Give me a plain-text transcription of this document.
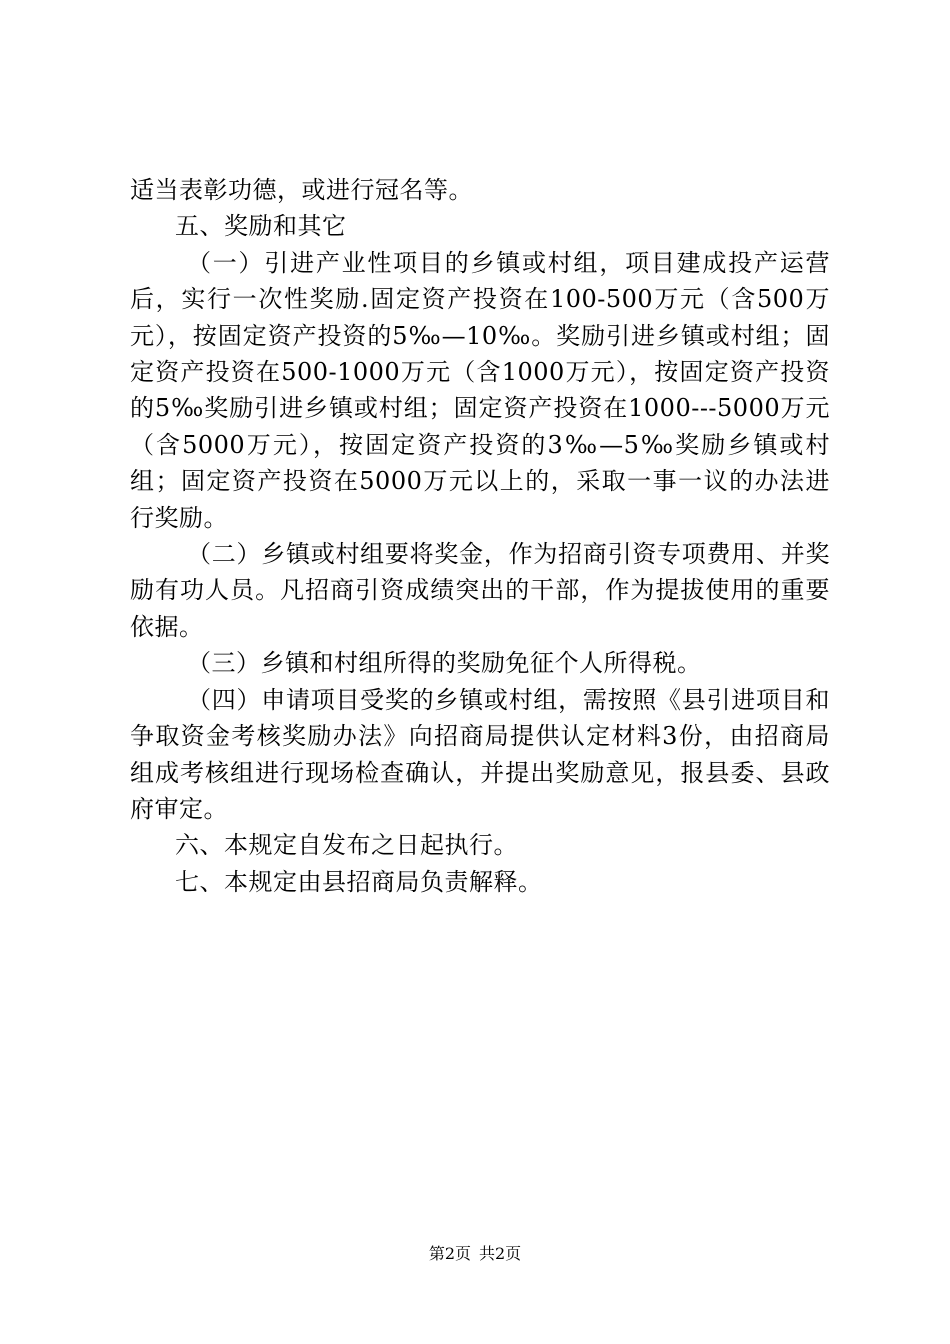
适当表彰功德，或进行冠名等。

五、奖励和其它

（一）引进产业性项目的乡镇或村组，项目建成投产运营后，实行一次性奖励.固定资产投资在100-500万元（含500万元），按固定资产投资的5‰—10‰。奖励引进乡镇或村组；固定资产投资在500-1000万元（含1000万元），按固定资产投资的5‰奖励引进乡镇或村组；固定资产投资在1000---5000万元（含5000万元），按固定资产投资的3‰—5‰奖励乡镇或村组；固定资产投资在5000万元以上的，采取一事一议的办法进行奖励。

（二）乡镇或村组要将奖金，作为招商引资专项费用、并奖励有功人员。凡招商引资成绩突出的干部，作为提拔使用的重要依据。

（三）乡镇和村组所得的奖励免征个人所得税。

（四）申请项目受奖的乡镇或村组，需按照《县引进项目和争取资金考核奖励办法》向招商局提供认定材料3份，由招商局组成考核组进行现场检查确认，并提出奖励意见，报县委、县政府审定。

六、本规定自发布之日起执行。

七、本规定由县招商局负责解释。

第2页 共2页
